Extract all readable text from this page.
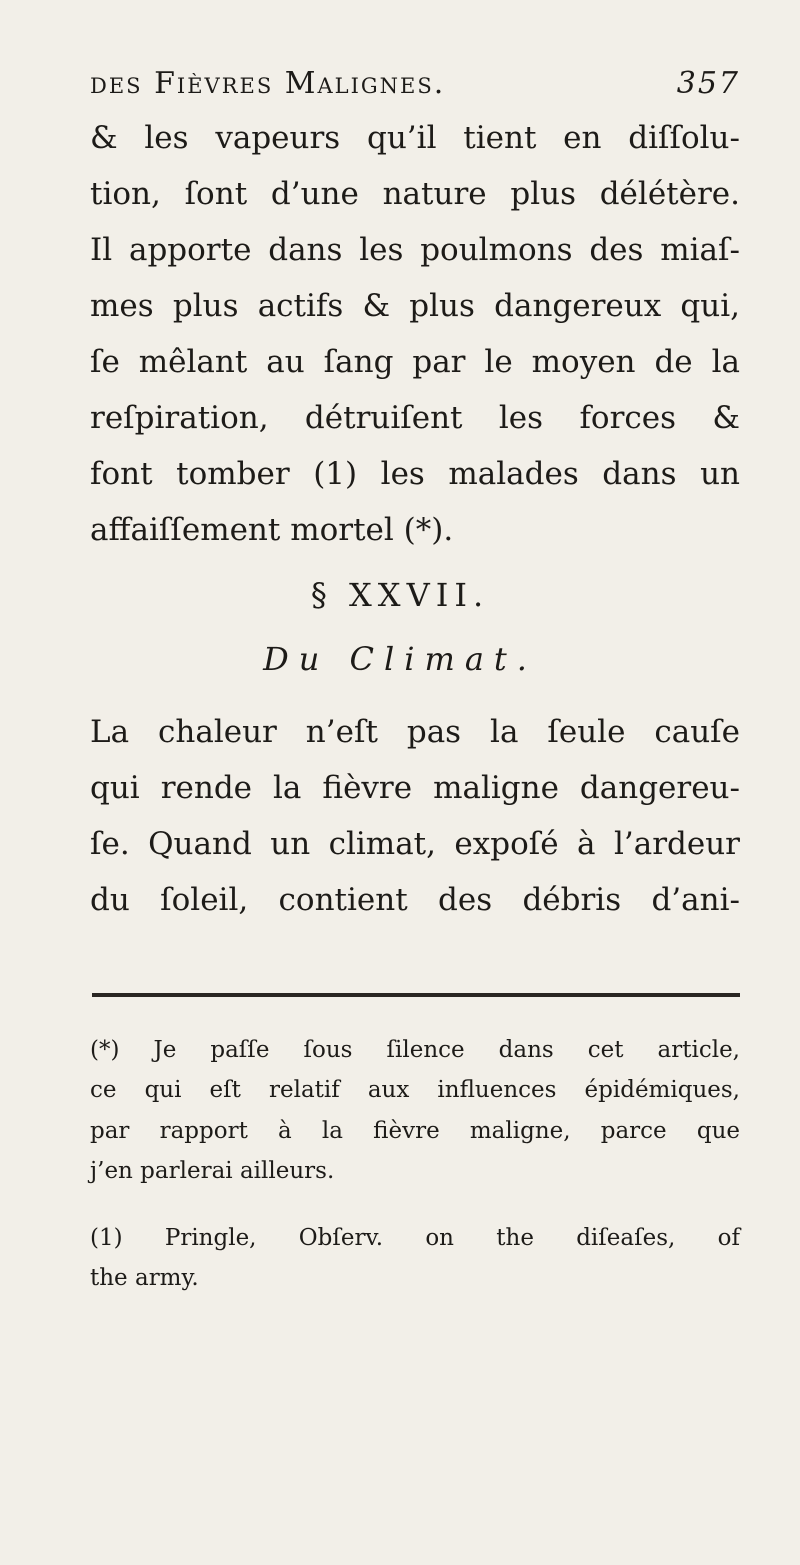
des Fièvres Malignes.	357
& les vapeurs qu’il tient en diſſolu-
tion, ſont d’une nature plus délétère.
Il apporte dans les poulmons des miaſ-
mes plus actifs & plus dangereux qui,
ſe mêlant au ſang par le moyen de la
reſpiration, détruiſent les forces &
font tomber (1) les malades dans un
affaiſſement mortel (*).
§ XXVII.
Du Climat.
La chaleur n’eſt pas la ſeule cauſe
qui rende la fièvre maligne dangereu-
ſe. Quand un climat, expoſé à l’ardeur
du ſoleil, contient des débris d’ani-
(*) Je paſſe ſous ſilence dans cet article,
ce qui eſt relatif aux influences épidémiques,
par rapport à la fièvre maligne, parce que
j’en parlerai ailleurs.
(1) Pringle, Obſerv. on the diſeaſes, of
the army.
